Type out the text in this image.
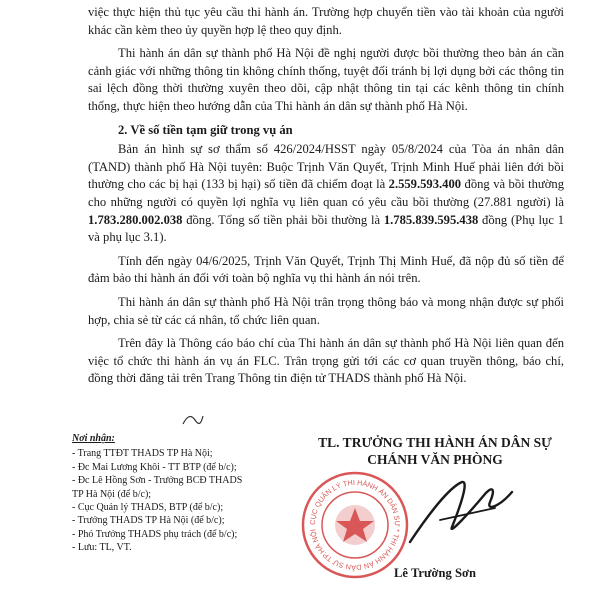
việc thực hiện thủ tục yêu cầu thi hành án. Trường hợp chuyển tiền vào tài khoản của người khác cần kèm theo ủy quyền hợp lệ theo quy định.

Thi hành án dân sự thành phố Hà Nội đề nghị người được bồi thường theo bản án cần cảnh giác với những thông tin không chính thống, tuyệt đối tránh bị lợi dụng bởi các thông tin sai lệch đồng thời thường xuyên theo dõi, cập nhật thông tin tại các kênh thông tin chính thống, thực hiện theo hướng dẫn của Thi hành án dân sự thành phố Hà Nội.

2. Về số tiền tạm giữ trong vụ án

Bản án hình sự sơ thẩm số 426/2024/HSST ngày 05/8/2024 của Tòa án nhân dân (TAND) thành phố Hà Nội tuyên: Buộc Trịnh Văn Quyết, Trịnh Minh Huế phải liên đới bồi thường cho các bị hại (133 bị hại) số tiền đã chiếm đoạt là 2.559.593.400 đồng và bồi thường cho những người có quyền lợi nghĩa vụ liên quan có yêu cầu bồi thường (27.881 người) là 1.783.280.002.038 đồng. Tổng số tiền phải bồi thường là 1.785.839.595.438 đồng (Phụ lục 1 và phụ lục 3.1).

Tính đến ngày 04/6/2025, Trịnh Văn Quyết, Trịnh Thị Minh Huế, đã nộp đủ số tiền để đảm bảo thi hành án đối với toàn bộ nghĩa vụ thi hành án nói trên.

Thi hành án dân sự thành phố Hà Nội trân trọng thông báo và mong nhận được sự phối hợp, chia sẻ từ các cá nhân, tổ chức liên quan.

Trên đây là Thông cáo báo chí của Thi hành án dân sự thành phố Hà Nội liên quan đến việc tổ chức thi hành án vụ án FLC. Trân trọng gửi tới các cơ quan truyền thông, báo chí, đồng thời đăng tải trên Trang Thông tin điện tử THADS thành phố Hà Nội.

Nơi nhận:
- Trang TTĐT THADS TP Hà Nội;
- Đc Mai Lương Khôi - TT BTP (để b/c);
- Đc Lê Hồng Sơn - Trưởng BCĐ THADS
TP Hà Nội (để b/c);
- Cục Quản lý THADS, BTP (để b/c);
- Trưởng THADS TP Hà Nội (để b/c);
- Phó Trưởng THADS phụ trách (để b/c);
- Lưu: TL, VT.
TL. TRƯỞNG THI HÀNH ÁN DÂN SỰ
CHÁNH VĂN PHÒNG
CỤC QUẢN LÝ THI HÀNH ÁN DÂN SỰ * THI HÀNH ÁN DÂN SỰ TP.HÀ NỘI
Lê Trường Sơn
